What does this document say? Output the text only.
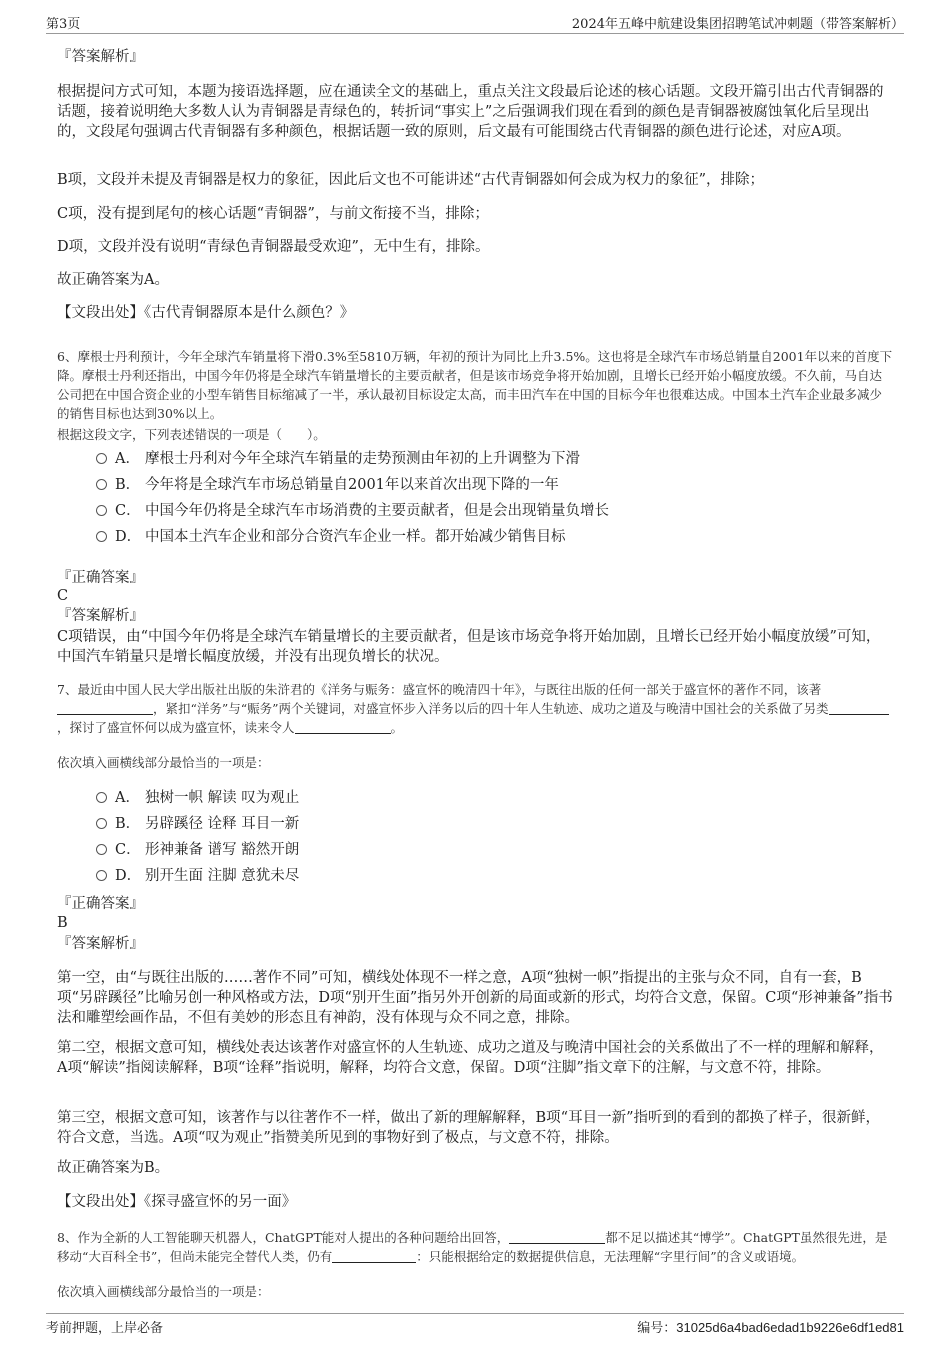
第3页	2024年五峰中航建设集团招聘笔试冲刺题（带答案解析）
『答案解析』
根据提问方式可知，本题为接语选择题，应在通读全文的基础上，重点关注文段最后论述的核心话题。文段开篇引出古代青铜器的话题，接着说明绝大多数人认为青铜器是青绿色的，转折词“事实上”之后强调我们现在看到的颜色是青铜器被腐蚀氧化后呈现出的，文段尾句强调古代青铜器有多种颜色，根据话题一致的原则，后文最有可能围绕古代青铜器的颜色进行论述，对应A项。
B项，文段并未提及青铜器是权力的象征，因此后文也不可能讲述“古代青铜器如何会成为权力的象征”，排除；
C项，没有提到尾句的核心话题“青铜器”，与前文衔接不当，排除；
D项，文段并没有说明“青绿色青铜器最受欢迎”，无中生有，排除。
故正确答案为A。
【文段出处】《古代青铜器原本是什么颜色？》
6、摩根士丹利预计，今年全球汽车销量将下滑0.3%至5810万辆，年初的预计为同比上升3.5%。这也将是全球汽车市场总销量自2001年以来的首度下降。摩根士丹利还指出，中国今年仍将是全球汽车销量增长的主要贡献者，但是该市场竞争将开始加剧，且增长已经开始小幅度放缓。不久前，马自达公司把在中国合资企业的小型车销售目标缩减了一半，承认最初目标设定太高，而丰田汽车在中国的目标今年也很难达成。中国本土汽车企业最多减少的销售目标也达到30%以上。
根据这段文字，下列表述错误的一项是（　　）。
A． 摩根士丹利对今年全球汽车销量的走势预测由年初的上升调整为下滑
B． 今年将是全球汽车市场总销量自2001年以来首次出现下降的一年
C． 中国今年仍将是全球汽车市场消费的主要贡献者，但是会出现销量负增长
D． 中国本土汽车企业和部分合资汽车企业一样。都开始减少销售目标
『正确答案』
C
『答案解析』
C项错误，由“中国今年仍将是全球汽车销量增长的主要贡献者，但是该市场竞争将开始加剧，且增长已经开始小幅度放缓”可知，中国汽车销量只是增长幅度放缓，并没有出现负增长的状况。
7、最近由中国人民大学出版社出版的朱浒君的《洋务与赈务：盛宣怀的晚清四十年》，与既往出版的任何一部关于盛宣怀的著作不同，该著，紧扣“洋务”与“赈务”两个关键词，对盛宣怀步入洋务以后的四十年人生轨迹、成功之道及与晚清中国社会的关系做了另类，探讨了盛宣怀何以成为盛宣怀，读来令人	。
依次填入画横线部分最恰当的一项是：
A． 独树一帜 解读 叹为观止
B． 另辟蹊径 诠释 耳目一新
C． 形神兼备 谱写 豁然开朗
D． 别开生面 注脚 意犹未尽
『正确答案』
B
『答案解析』
第一空，由“与既往出版的……著作不同”可知，横线处体现不一样之意，A项“独树一帜”指提出的主张与众不同，自有一套，B项“另辟蹊径”比喻另创一种风格或方法，D项“别开生面”指另外开创新的局面或新的形式，均符合文意，保留。C项“形神兼备”指书法和雕塑绘画作品，不但有美妙的形态且有神韵，没有体现与众不同之意，排除。
第二空，根据文意可知，横线处表达该著作对盛宣怀的人生轨迹、成功之道及与晚清中国社会的关系做出了不一样的理解和解释，A项“解读”指阅读解释，B项“诠释”指说明，解释，均符合文意，保留。D项“注脚”指文章下的注解，与文意不符，排除。
第三空，根据文意可知，该著作与以往著作不一样，做出了新的理解解释，B项“耳目一新”指听到的看到的都换了样子，很新鲜，符合文意，当选。A项“叹为观止”指赞美所见到的事物好到了极点，与文意不符，排除。
故正确答案为B。
【文段出处】《探寻盛宣怀的另一面》
8、作为全新的人工智能聊天机器人，ChatGPT能对人提出的各种问题给出回答，	都不足以描述其“博学”。ChatGPT虽然很先进，是移动“大百科全书”，但尚未能完全替代人类，仍有	：只能根据给定的数据提供信息，无法理解“字里行间”的含义或语境。
依次填入画横线部分最恰当的一项是：
考前押题，上岸必备	编号：31025d6a4bad6edad1b9226e6df1ed81
